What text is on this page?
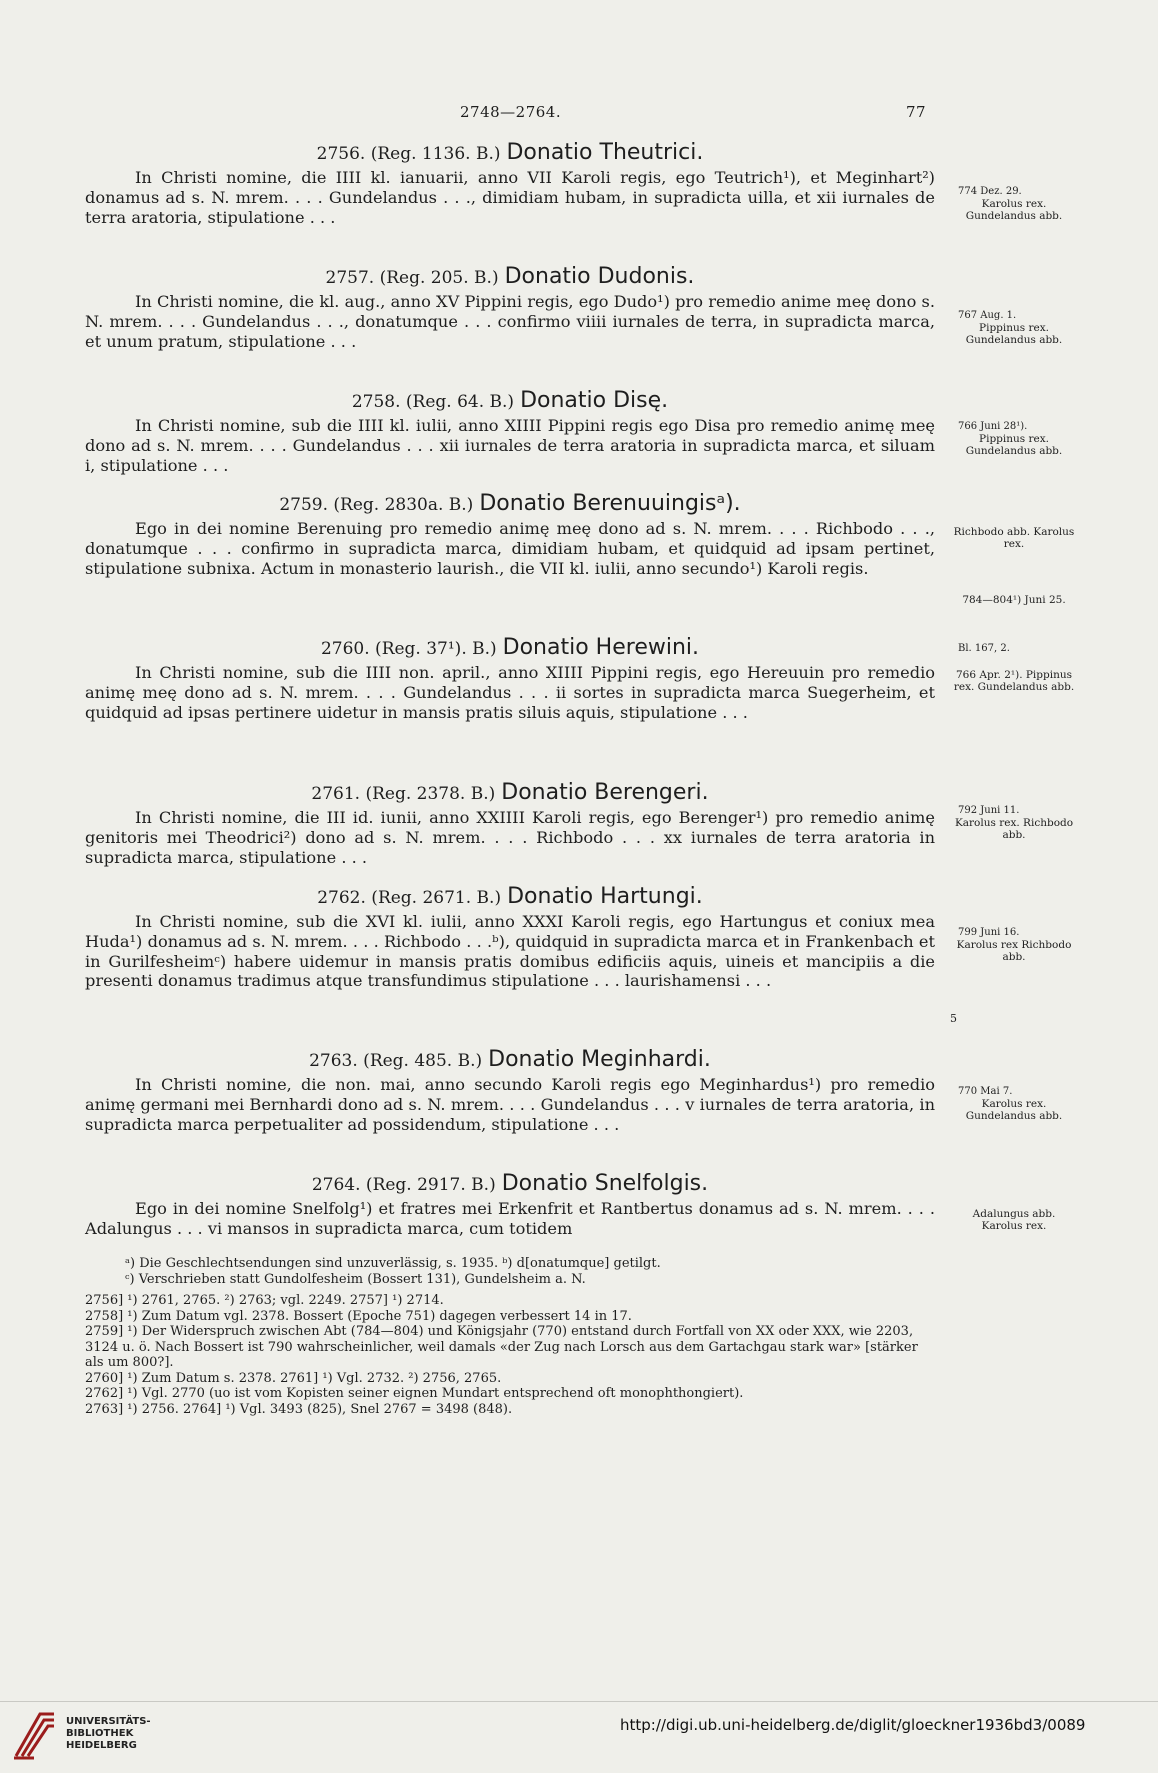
2748—2764.	77
2756. (Reg. 1136. B.) Donatio Theutrici.

In Christi nomine, die IIII kl. ianuarii, anno VII Karoli regis, ego Teutrich¹), et Meginhart²) donamus ad s. N. mrem. . . . Gundelandus . . ., dimidiam hubam, in supradicta uilla, et xii iurnales de terra aratoria, stipulatione . . .

774 Dez. 29.
Karolus rex. Gundelandus abb.
2757. (Reg. 205. B.) Donatio Dudonis.

In Christi nomine, die kl. aug., anno XV Pippini regis, ego Dudo¹) pro remedio anime meę dono s. N. mrem. . . . Gundelandus . . ., donatumque . . . confirmo viiii iurnales de terra, in supradicta marca, et unum pratum, stipulatione . . .

767 Aug. 1.
Pippinus rex. Gundelandus abb.
2758. (Reg. 64. B.) Donatio Disę.

In Christi nomine, sub die IIII kl. iulii, anno XIIII Pippini regis ego Disa pro remedio animę meę dono ad s. N. mrem. . . . Gundelandus . . . xii iurnales de terra aratoria in supradicta marca, et siluam i, stipulatione . . .

766 Juni 28¹).
Pippinus rex. Gundelandus abb.
2759. (Reg. 2830a. B.) Donatio Berenuuingisᵃ).

Ego in dei nomine Berenuing pro remedio animę meę dono ad s. N. mrem. . . . Richbodo . . ., donatumque . . . confirmo in supradicta marca, dimidiam hubam, et quidquid ad ipsam pertinet, stipulatione subnixa. Actum in monasterio laurish., die VII kl. iulii, anno secundo¹) Karoli regis.

Richbodo abb. Karolus rex.
784—804¹) Juni 25.
2760. (Reg. 37¹). B.) Donatio Herewini.

In Christi nomine, sub die IIII non. april., anno XIIII Pippini regis, ego Hereuuin pro remedio animę meę dono ad s. N. mrem. . . . Gundelandus . . . ii sortes in supradicta marca Suegerheim, et quidquid ad ipsas pertinere uidetur in mansis pratis siluis aquis, stipulatione . . .

Bl. 167, 2.
766 Apr. 2¹). Pippinus rex. Gundelandus abb.
2761. (Reg. 2378. B.) Donatio Berengeri.

In Christi nomine, die III id. iunii, anno XXIIII Karoli regis, ego Berenger¹) pro remedio animę genitoris mei Theodrici²) dono ad s. N. mrem. . . . Richbodo . . . xx iurnales de terra aratoria in supradicta marca, stipulatione . . .

792 Juni 11.
Karolus rex. Richbodo abb.
2762. (Reg. 2671. B.) Donatio Hartungi.

In Christi nomine, sub die XVI kl. iulii, anno XXXI Karoli regis, ego Hartungus et coniux mea Huda¹) donamus ad s. N. mrem. . . . Richbodo . . .ᵇ), quidquid in supradicta marca et in Frankenbach et in Gurilfesheimᶜ) habere uidemur in mansis pratis domibus edificiis aquis, uineis et mancipiis a die presenti donamus tradimus atque transfundimus stipulatione . . . laurishamensi . . .

799 Juni 16.
Karolus rex Richbodo abb.
5
2763. (Reg. 485. B.) Donatio Meginhardi.

In Christi nomine, die non. mai, anno secundo Karoli regis ego Meginhardus¹) pro remedio animę germani mei Bernhardi dono ad s. N. mrem. . . . Gundelandus . . . v iurnales de terra aratoria, in supradicta marca perpetualiter ad possidendum, stipulatione . . .

770 Mai 7.
Karolus rex. Gundelandus abb.
2764. (Reg. 2917. B.) Donatio Snelfolgis.

Ego in dei nomine Snelfolg¹) et fratres mei Erkenfrit et Rantbertus donamus ad s. N. mrem. . . . Adalungus . . . vi mansos in supradicta marca, cum totidem

Adalungus abb.
Karolus rex.

ᵃ) Die Geschlechtsendungen sind unzuverlässig, s. 1935. ᵇ) d[onatumque] getilgt.

ᶜ) Verschrieben statt Gundolfesheim (Bossert 131), Gundelsheim a. N.

2756] ¹) 2761, 2765. ²) 2763; vgl. 2249. 2757] ¹) 2714.

2758] ¹) Zum Datum vgl. 2378. Bossert (Epoche 751) dagegen verbessert 14 in 17.

2759] ¹) Der Widerspruch zwischen Abt (784—804) und Königsjahr (770) entstand durch Fortfall von XX oder XXX, wie 2203, 3124 u. ö. Nach Bossert ist 790 wahrscheinlicher, weil damals «der Zug nach Lorsch aus dem Gartachgau stark war» [stärker als um 800?].

2760] ¹) Zum Datum s. 2378. 2761] ¹) Vgl. 2732. ²) 2756, 2765.

2762] ¹) Vgl. 2770 (uo ist vom Kopisten seiner eignen Mundart entsprechend oft monophthongiert).

2763] ¹) 2756. 2764] ¹) Vgl. 3493 (825), Snel 2767 = 3498 (848).

UNIVERSITÄTS-
BIBLIOTHEK
HEIDELBERG
http://digi.ub.uni-heidelberg.de/diglit/gloeckner1936bd3/0089
